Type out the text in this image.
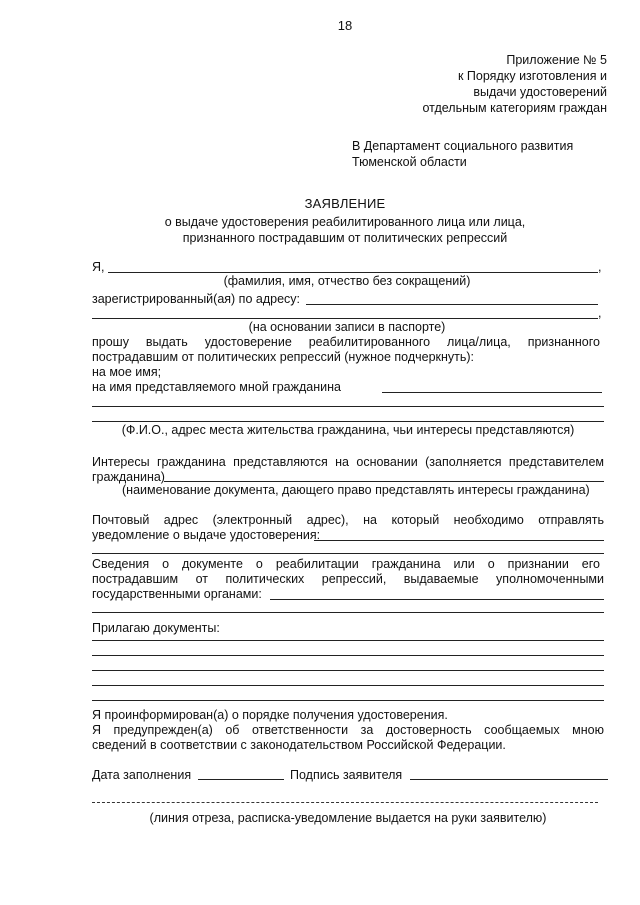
18
Приложение № 5
к Порядку изготовления и
выдачи удостоверений
отдельным категориям граждан
В Департамент социального развития
Тюменской области
ЗАЯВЛЕНИЕ
о выдаче удостоверения реабилитированного лица или лица,
признанного пострадавшим от политических репрессий
Я,	,
(фамилия, имя, отчество без сокращений)
зарегистрированный(ая) по адресу:
,
(на основании записи в паспорте)
прошу выдать удостоверение реабилитированного лица/лица, признанного
пострадавшим от политических репрессий (нужное подчеркнуть):
на мое имя;
на имя представляемого мной гражданина
(Ф.И.О., адрес места жительства гражданина, чьи интересы представляются)
Интересы гражданина представляются на основании (заполняется представителем
гражданина)
(наименование документа, дающего право представлять интересы гражданина)
Почтовый адрес (электронный адрес), на который необходимо отправлять
уведомление о выдаче удостоверения:
Сведения о документе о реабилитации гражданина или о признании его
пострадавшим от политических репрессий, выдаваемые уполномоченными
государственными органами:
Прилагаю документы:
Я проинформирован(а) о порядке получения удостоверения.
Я предупрежден(а) об ответственности за достоверность сообщаемых мною
сведений в соответствии с законодательством Российской Федерации.
Дата заполнения	Подпись заявителя
(линия отреза, расписка-уведомление выдается на руки заявителю)
